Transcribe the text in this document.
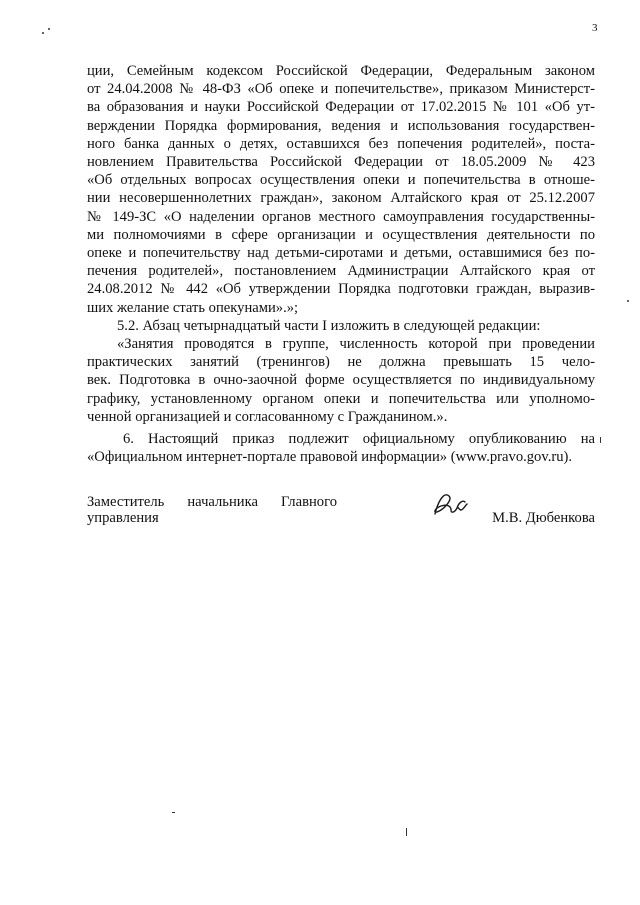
3
ции, Семейным кодексом Российской Федерации, Федеральным законом
от 24.04.2008 № 48-ФЗ «Об опеке и попечительстве», приказом Министерст-
ва образования и науки Российской Федерации от 17.02.2015 № 101 «Об ут-
верждении Порядка формирования, ведения и использования государствен-
ного банка данных о детях, оставшихся без попечения родителей», поста-
новлением Правительства Российской Федерации от 18.05.2009 № 423
«Об отдельных вопросах осуществления опеки и попечительства в отноше-
нии несовершеннолетних граждан», законом Алтайского края от 25.12.2007
№ 149-ЗС «О наделении органов местного самоуправления государственны-
ми полномочиями в сфере организации и осуществления деятельности по
опеке и попечительству над детьми-сиротами и детьми, оставшимися без по-
печения родителей», постановлением Администрации Алтайского края от
24.08.2012 № 442 «Об утверждении Порядка подготовки граждан, выразив-
ших желание стать опекунами».»;
5.2. Абзац четырнадцатый части I изложить в следующей редакции:
«Занятия проводятся в группе, численность которой при проведении
практических занятий (тренингов) не должна превышать 15 чело-
век. Подготовка в очно-заочной форме осуществляется по индивидуальному
графику, установленному органом опеки и попечительства или уполномо-
ченной организацией и согласованному с Гражданином.».
6. Настоящий приказ подлежит официальному опубликованию на
«Официальном интернет-портале правовой информации» (www.pravo.gov.ru).
Заместитель начальника Главного
управления	М.В. Дюбенкова
